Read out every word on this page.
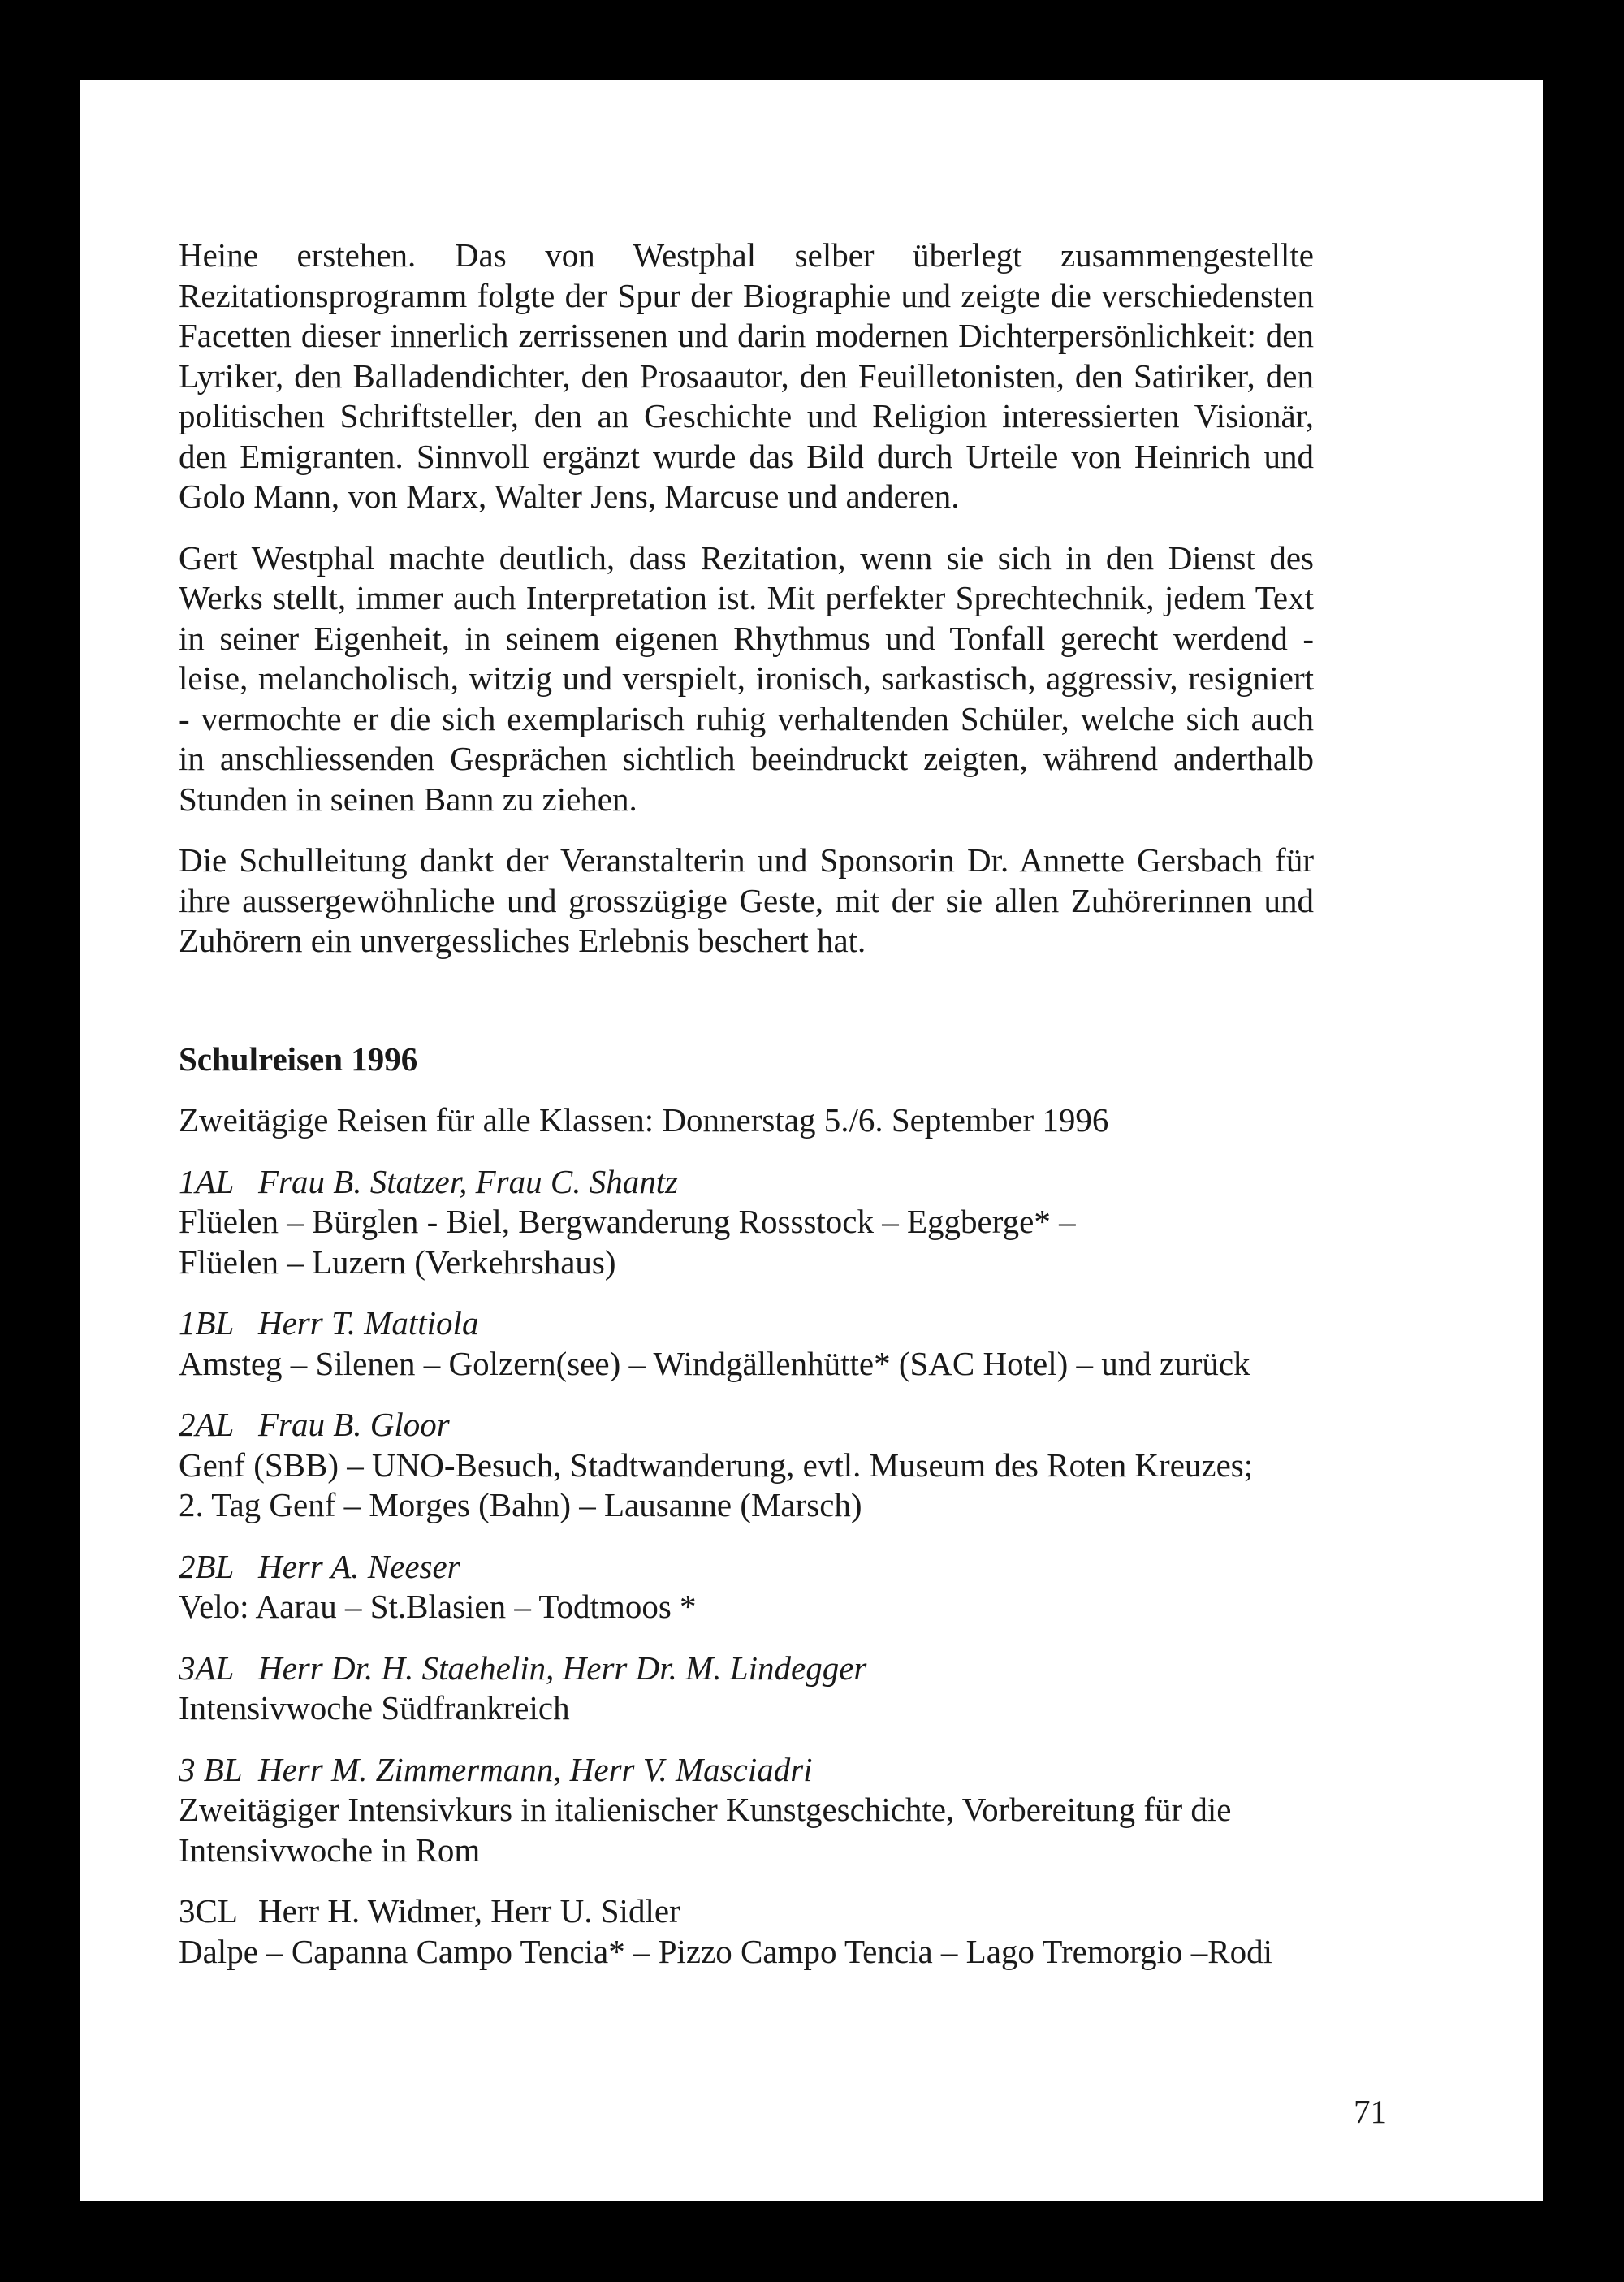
Heine erstehen. Das von Westphal selber überlegt zusammengestellte Rezitationsprogramm folgte der Spur der Biographie und zeigte die verschiedensten Facetten dieser innerlich zerrissenen und darin modernen Dichterpersönlichkeit: den Lyriker, den Balladendichter, den Prosaautor, den Feuilletonisten, den Satiriker, den politischen Schriftsteller, den an Geschichte und Religion interessierten Visionär, den Emigranten. Sinnvoll ergänzt wurde das Bild durch Urteile von Heinrich und Golo Mann, von Marx, Walter Jens, Marcuse und anderen.

Gert Westphal machte deutlich, dass Rezitation, wenn sie sich in den Dienst des Werks stellt, immer auch Interpretation ist. Mit perfekter Sprechtechnik, jedem Text in seiner Eigenheit, in seinem eigenen Rhythmus und Tonfall gerecht werdend - leise, melancholisch, witzig und verspielt, ironisch, sarkastisch, aggressiv, resigniert - vermochte er die sich exemplarisch ruhig verhaltenden Schüler, welche sich auch in anschliessenden Gesprächen sichtlich beeindruckt zeigten, während anderthalb Stunden in seinen Bann zu ziehen.

Die Schulleitung dankt der Veranstalterin und Sponsorin Dr. Annette Gersbach für ihre aussergewöhnliche und grosszügige Geste, mit der sie allen Zuhörerinnen und Zuhörern ein unvergessliches Erlebnis beschert hat.

Schulreisen 1996
Zweitägige Reisen für alle Klassen: Donnerstag 5./6. September 1996
1AL Frau B. Statzer, Frau C. Shantz
Flüelen – Bürglen - Biel, Bergwanderung Rossstock – Eggberge* –
Flüelen – Luzern (Verkehrshaus)
1BL Herr T. Mattiola
Amsteg – Silenen – Golzern(see) – Windgällenhütte* (SAC Hotel) – und zurück
2AL Frau B. Gloor
Genf (SBB) – UNO-Besuch, Stadtwanderung, evtl. Museum des Roten Kreuzes;
2. Tag Genf – Morges (Bahn) – Lausanne (Marsch)
2BL Herr A. Neeser
Velo: Aarau – St.Blasien – Todtmoos *
3AL Herr Dr. H. Staehelin, Herr Dr. M. Lindegger
Intensivwoche Südfrankreich
3 BL Herr M. Zimmermann, Herr V. Masciadri
Zweitägiger Intensivkurs in italienischer Kunstgeschichte, Vorbereitung für die
Intensivwoche in Rom
3CL Herr H. Widmer, Herr U. Sidler
Dalpe – Capanna Campo Tencia* – Pizzo Campo Tencia – Lago Tremorgio –Rodi
71
